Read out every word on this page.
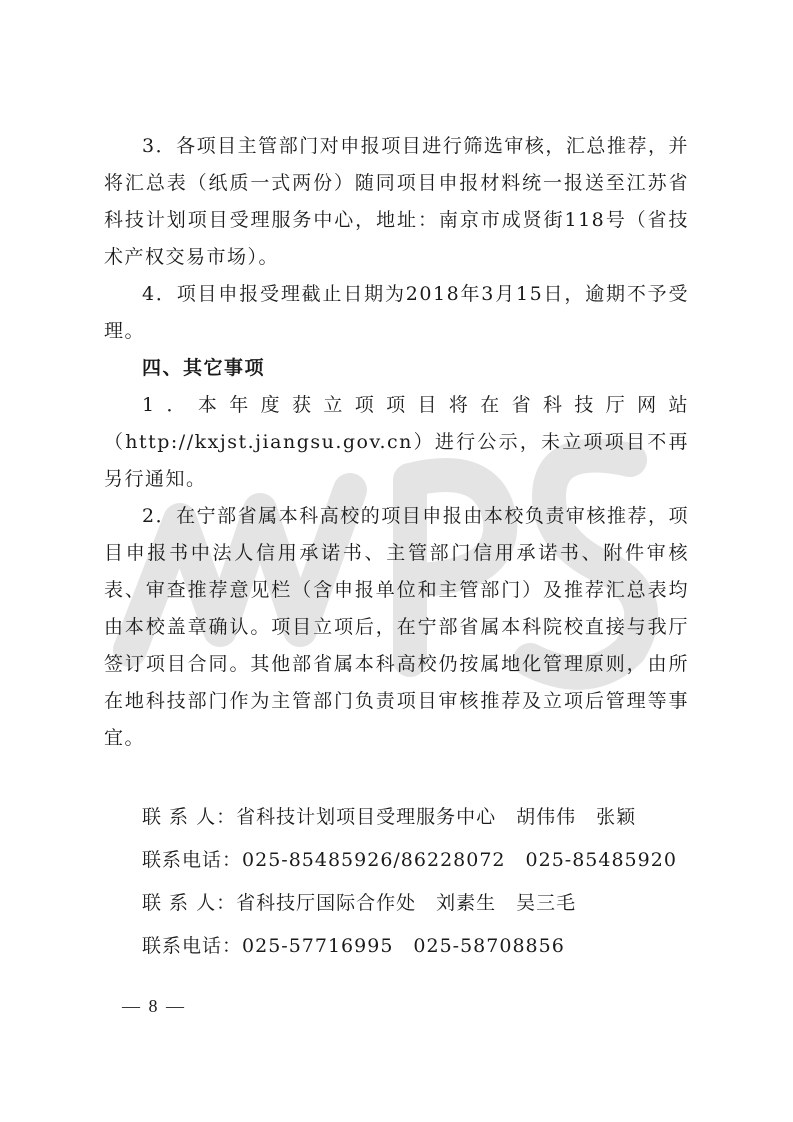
3．各项目主管部门对申报项目进行筛选审核，汇总推荐，并将汇总表（纸质一式两份）随同项目申报材料统一报送至江苏省科技计划项目受理服务中心，地址：南京市成贤街118号（省技术产权交易市场）。

4．项目申报受理截止日期为2018年3月15日，逾期不予受理。

四、其它事项

1．本年度获立项项目将在省科技厅网站（http://kxjst.jiangsu.gov.cn）进行公示，未立项项目不再另行通知。

2．在宁部省属本科高校的项目申报由本校负责审核推荐，项目申报书中法人信用承诺书、主管部门信用承诺书、附件审核表、审查推荐意见栏（含申报单位和主管部门）及推荐汇总表均由本校盖章确认。项目立项后，在宁部省属本科院校直接与我厅签订项目合同。其他部省属本科高校仍按属地化管理原则，由所在地科技部门作为主管部门负责项目审核推荐及立项后管理等事宜。

联 系 人：省科技计划项目受理服务中心　胡伟伟　张颖

联系电话：025-85485926/86228072　025-85485920

联 系 人：省科技厅国际合作处　刘素生　吴三毛

联系电话：025-57716995　025-58708856

— 8 —
